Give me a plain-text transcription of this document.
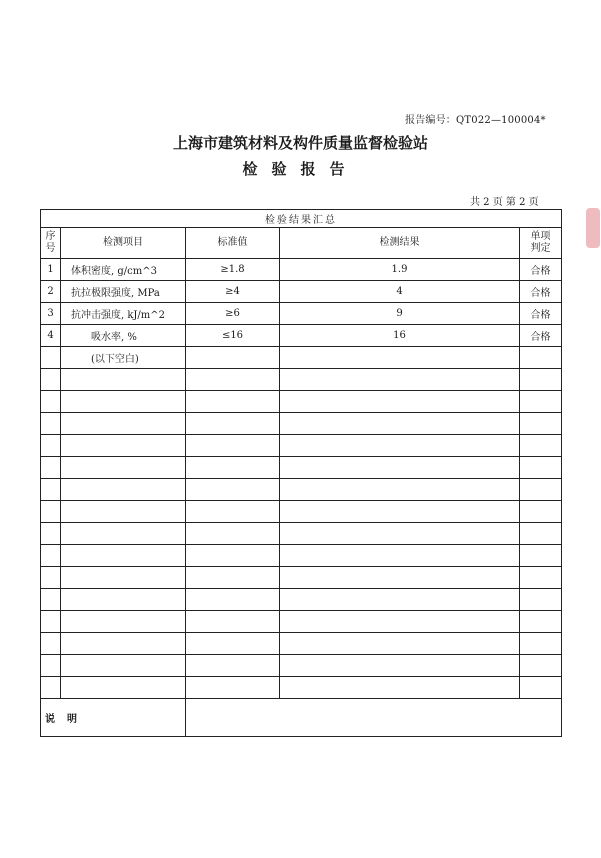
报告编号：QT022—100004*
上海市建筑材料及构件质量监督检验站
检验报告
共 2 页 第 2 页
检验结果汇总				

序号	检测项目	标准值	检测结果	单项判定

1	体积密度, g/cm^3	≥1.8	1.9	合格
2	抗拉极限强度, MPa	≥4	4	合格
3	抗冲击强度, kJ/m^2	≥6	9	合格
4	吸水率, %	≤16	16	合格
	(以下空白)			

说明				
